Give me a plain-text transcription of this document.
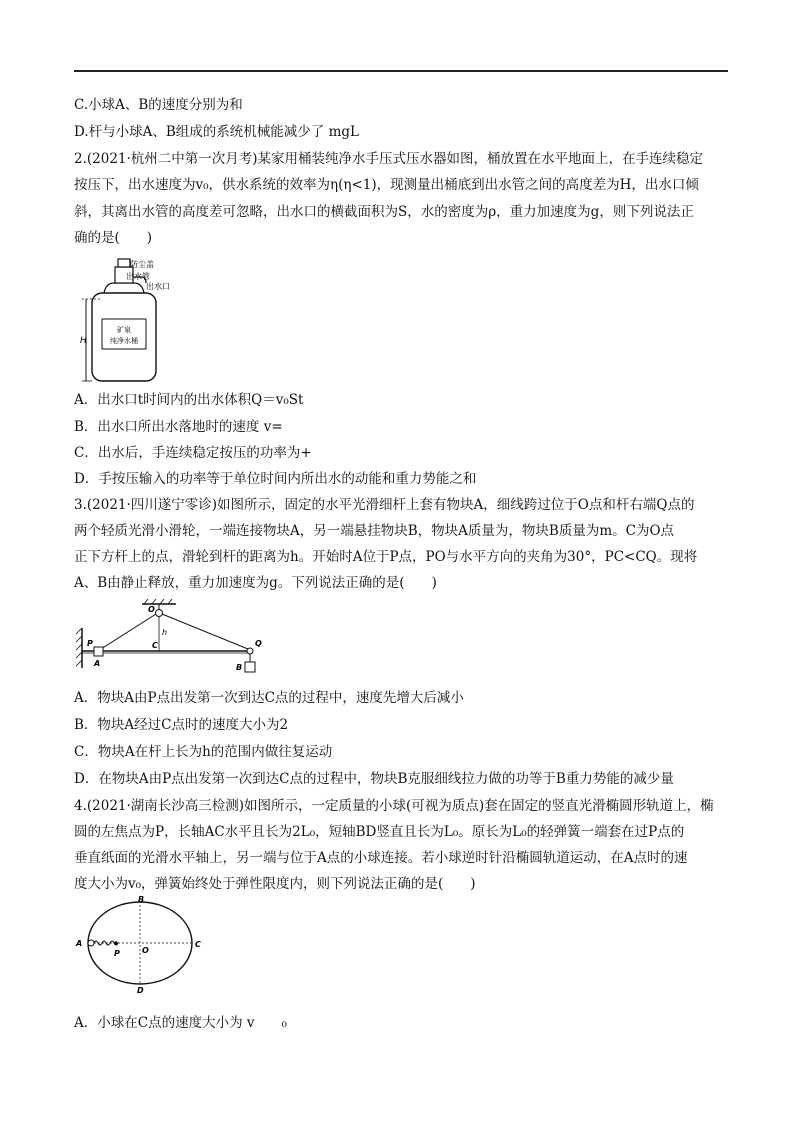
C.小球A、B的速度分别为和
D.杆与小球A、B组成的系统机械能减少了 mgL
2.(2021·杭州二中第一次月考)某家用桶装纯净水手压式压水器如图，桶放置在水平地面上，在手连续稳定
按压下，出水速度为v₀，供水系统的效率为η(η<1)，现测量出桶底到出水管之间的高度差为H，出水口倾
斜，其离出水管的高度差可忽略，出水口的横截面积为S，水的密度为ρ，重力加速度为g，则下列说法正
确的是(　　)
矿泉
纯净水桶
防尘盖
出水管
出水口
H
A．出水口t时间内的出水体积Q＝v₀St
B．出水口所出水落地时的速度 v=
C．出水后，手连续稳定按压的功率为+
D．手按压输入的功率等于单位时间内所出水的动能和重力势能之和
3.(2021·四川遂宁零诊)如图所示，固定的水平光滑细杆上套有物块A，细线跨过位于O点和杆右端Q点的
两个轻质光滑小滑轮，一端连接物块A，另一端悬挂物块B，物块A质量为，物块B质量为m。C为O点
正下方杆上的点，滑轮到杆的距离为h。开始时A位于P点，PO与水平方向的夹角为30°，PC<CQ。现将
A、B由静止释放，重力加速度为g。下列说法正确的是(　　)
O
h
P
A
C	Q
B
A．物块A由P点出发第一次到达C点的过程中，速度先增大后减小
B．物块A经过C点时的速度大小为2
C．物块A在杆上长为h的范围内做往复运动
D．在物块A由P点出发第一次到达C点的过程中，物块B克服细线拉力做的功等于B重力势能的减少量
4.(2021·湖南长沙高三检测)如图所示，一定质量的小球(可视为质点)套在固定的竖直光滑椭圆形轨道上，椭
圆的左焦点为P，长轴AC水平且长为2L₀，短轴BD竖直且长为L₀。原长为L₀的轻弹簧一端套在过P点的
垂直纸面的光滑水平轴上，另一端与位于A点的小球连接。若小球逆时针沿椭圆轨道运动，在A点时的速
度大小为v₀，弹簧始终处于弹性限度内，则下列说法正确的是(　　)
B
A
P	O
C
D
A．小球在C点的速度大小为 v　　₀
